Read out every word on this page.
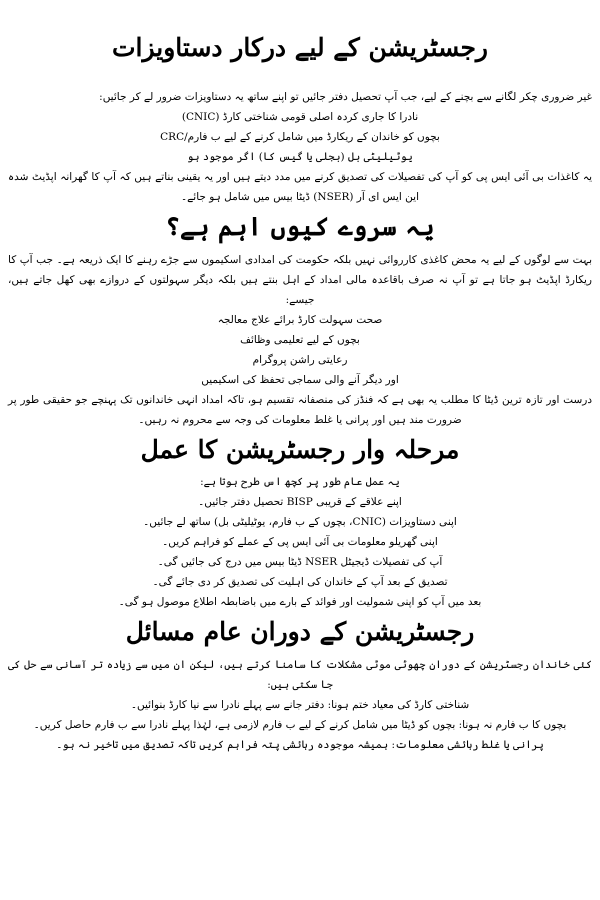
رجسٹریشن کے لیے درکار دستاویزات

غیر ضروری چکر لگانے سے بچنے کے لیے، جب آپ تحصیل دفتر جائیں تو اپنے ساتھ یہ دستاویزات ضرور لے کر جائیں:

نادرا کا جاری کردہ اصلی قومی شناختی کارڈ (CNIC)
بچوں کو خاندان کے ریکارڈ میں شامل کرنے کے لیے ب فارم/CRC
یوٹیلیٹی بل (بجلی یا گیس کا) اگر موجود ہو

یہ کاغذات بی آئی ایس پی کو آپ کی تفصیلات کی تصدیق کرنے میں مدد دیتے ہیں اور یہ یقینی بناتے ہیں کہ آپ کا گھرانہ اپڈیٹ شدہ این ایس ای آر (NSER) ڈیٹا بیس میں شامل ہو جائے۔

یہ سروے کیوں اہم ہے؟

بہت سے لوگوں کے لیے یہ محض کاغذی کارروائی نہیں بلکہ حکومت کی امدادی اسکیموں سے جڑے رہنے کا ایک ذریعہ ہے۔ جب آپ کا ریکارڈ اپڈیٹ ہو جاتا ہے تو آپ نہ صرف باقاعدہ مالی امداد کے اہل بنتے ہیں بلکہ دیگر سہولتوں کے دروازے بھی کھل جاتے ہیں، جیسے:

صحت سہولت کارڈ برائے علاج معالجہ
بچوں کے لیے تعلیمی وظائف
رعایتی راشن پروگرام
اور دیگر آنے والی سماجی تحفظ کی اسکیمیں

درست اور تازہ ترین ڈیٹا کا مطلب یہ بھی ہے کہ فنڈز کی منصفانہ تقسیم ہو، تاکہ امداد انہی خاندانوں تک پہنچے جو حقیقی طور پر ضرورت مند ہیں اور پرانی یا غلط معلومات کی وجہ سے محروم نہ رہیں۔

مرحلہ وار رجسٹریشن کا عمل

یہ عمل عام طور پر کچھ اس طرح ہوتا ہے:

اپنے علاقے کے قریبی BISP تحصیل دفتر جائیں۔
اپنی دستاویزات (CNIC، بچوں کے ب فارم، یوٹیلیٹی بل) ساتھ لے جائیں۔
اپنی گھریلو معلومات بی آئی ایس پی کے عملے کو فراہم کریں۔
آپ کی تفصیلات ڈیجیٹل NSER ڈیٹا بیس میں درج کی جائیں گی۔
تصدیق کے بعد آپ کے خاندان کی اہلیت کی تصدیق کر دی جائے گی۔
بعد میں آپ کو اپنی شمولیت اور فوائد کے بارے میں باضابطہ اطلاع موصول ہو گی۔
رجسٹریشن کے دوران عام مسائل

کئی خاندان رجسٹریشن کے دوران چھوٹی موٹی مشکلات کا سامنا کرتے ہیں، لیکن ان میں سے زیادہ تر آسانی سے حل کی جا سکتی ہیں:

شناختی کارڈ کی معیاد ختم ہونا: دفتر جانے سے پہلے نادرا سے نیا کارڈ بنوائیں۔
بچوں کا ب فارم نہ ہونا: بچوں کو ڈیٹا میں شامل کرنے کے لیے ب فارم لازمی ہے، لہٰذا پہلے نادرا سے ب فارم حاصل کریں۔
پرانی یا غلط رہائشی معلومات: ہمیشہ موجودہ رہائشی پتہ فراہم کریں تاکہ تصدیق میں تاخیر نہ ہو۔
